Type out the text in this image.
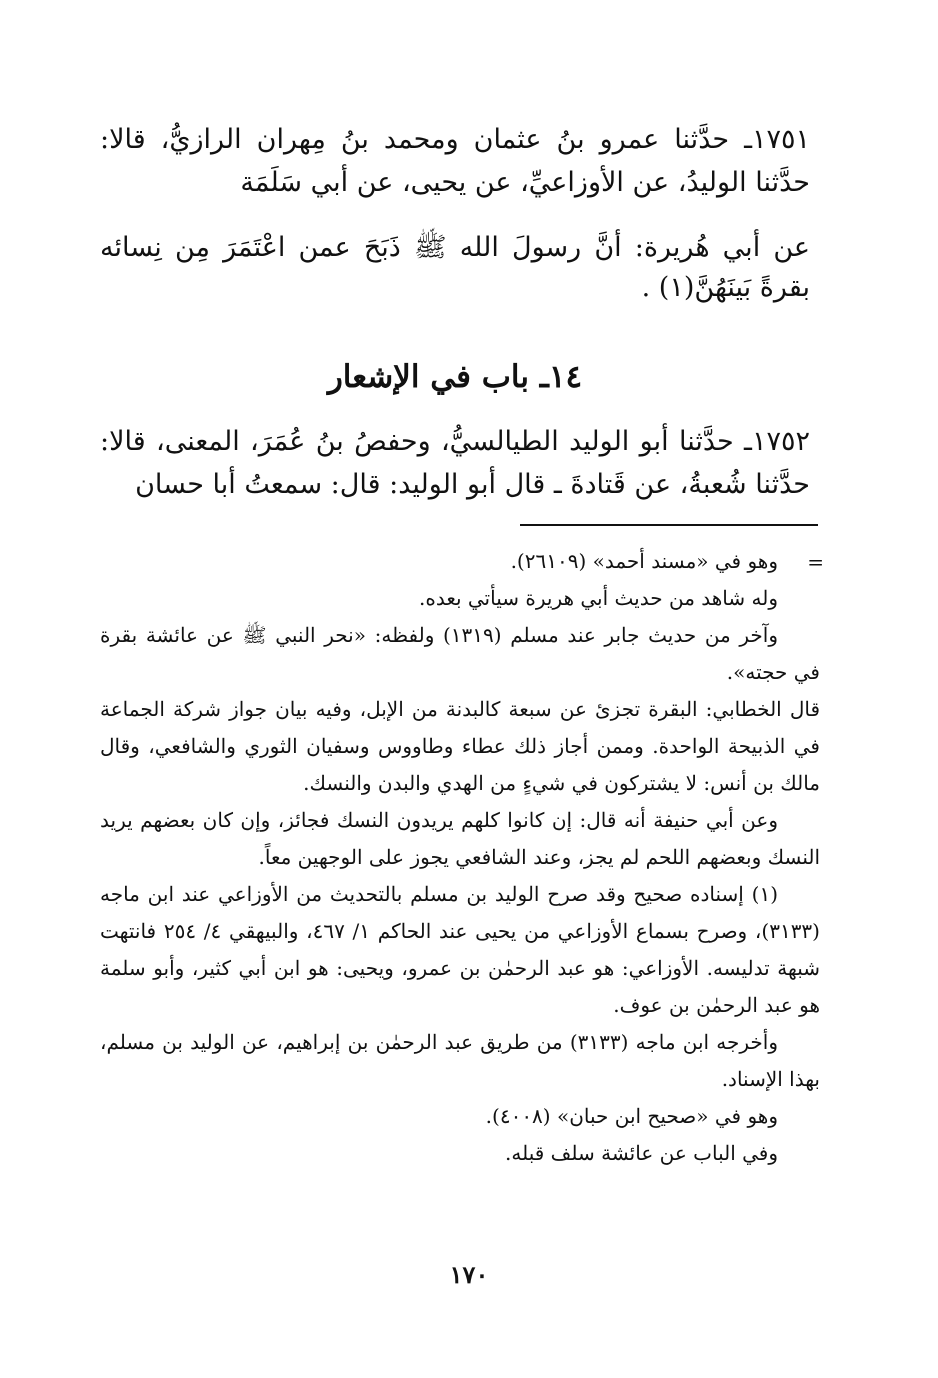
١٧٥١ـ حدَّثنا عمرو بنُ عثمان ومحمد بنُ مِهران الرازيُّ، قالا: حدَّثنا الوليدُ، عن الأوزاعيِّ، عن يحيى، عن أبي سَلَمَة
عن أبي هُريرة: أنَّ رسولَ الله ﷺ ذَبَحَ عمن اعْتَمَرَ مِن نِسائه بقرةً بَينَهُنَّ(١) .
١٤ـ باب في الإشعار
١٧٥٢ـ حدَّثنا أبو الوليد الطيالسيُّ، وحفصُ بنُ عُمَرَ، المعنى، قالا: حدَّثنا شُعبةُ، عن قَتادةَ ـ قال أبو الوليد: قال: سمعتُ أبا حسان
=

وهو في «مسند أحمد» (٢٦١٠٩).

وله شاهد من حديث أبي هريرة سيأتي بعده.

وآخر من حديث جابر عند مسلم (١٣١٩) ولفظه: «نحر النبي ﷺ عن عائشة بقرة في حجته».

قال الخطابي: البقرة تجزئ عن سبعة كالبدنة من الإبل، وفيه بيان جواز شركة الجماعة في الذبيحة الواحدة. وممن أجاز ذلك عطاء وطاووس وسفيان الثوري والشافعي، وقال مالك بن أنس: لا يشتركون في شيءٍ من الهدي والبدن والنسك.

وعن أبي حنيفة أنه قال: إن كانوا كلهم يريدون النسك فجائز، وإن كان بعضهم يريد النسك وبعضهم اللحم لم يجز، وعند الشافعي يجوز على الوجهين معاً.

(١) إسناده صحيح وقد صرح الوليد بن مسلم بالتحديث من الأوزاعي عند ابن ماجه (٣١٣٣)، وصرح بسماع الأوزاعي من يحيى عند الحاكم ١/ ٤٦٧، والبيهقي ٤/ ٢٥٤ فانتهت شبهة تدليسه. الأوزاعي: هو عبد الرحمٰن بن عمرو، ويحيى: هو ابن أبي كثير، وأبو سلمة هو عبد الرحمٰن بن عوف.

وأخرجه ابن ماجه (٣١٣٣) من طريق عبد الرحمٰن بن إبراهيم، عن الوليد بن مسلم، بهذا الإسناد.

وهو في «صحيح ابن حبان» (٤٠٠٨).

وفي الباب عن عائشة سلف قبله.

١٧٠
